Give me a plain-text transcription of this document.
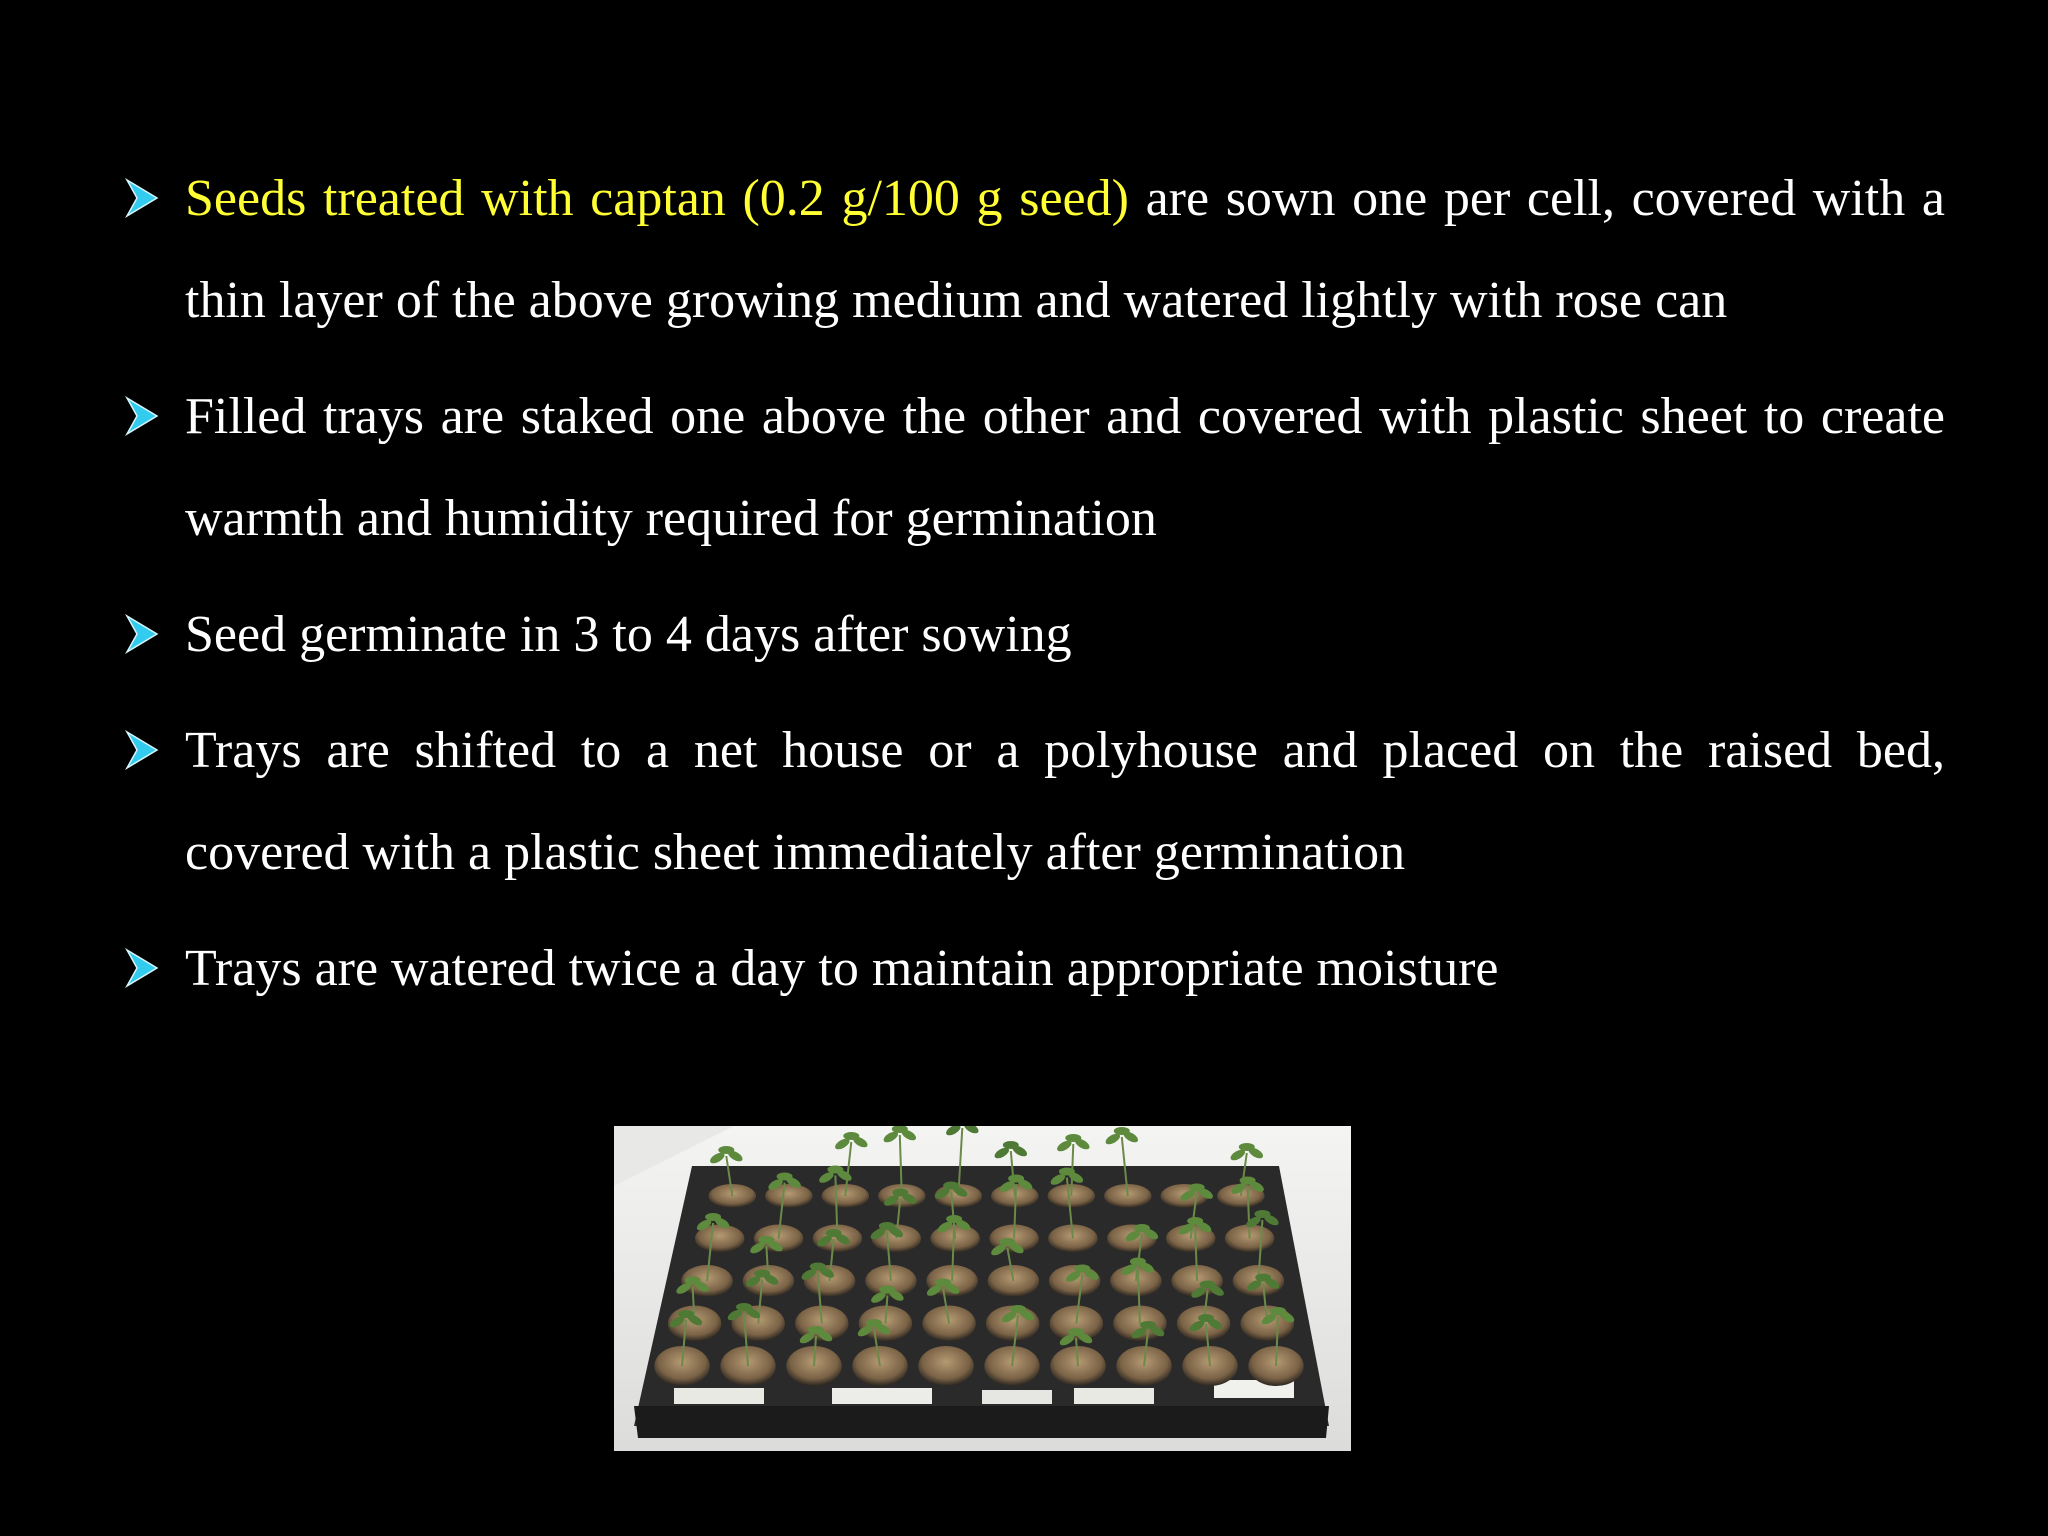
Seeds treated with captan (0.2 g/100 g seed) are sown one per cell, covered with a thin layer of the above growing medium and watered lightly with rose can
Filled trays are staked one above the other and covered with plastic sheet to create warmth and humidity required for germination
Seed germinate in 3 to 4 days after sowing
Trays are shifted to a net house or a polyhouse and placed on the raised bed, covered with a plastic sheet immediately after germination
Trays are watered twice a day to maintain appropriate moisture
